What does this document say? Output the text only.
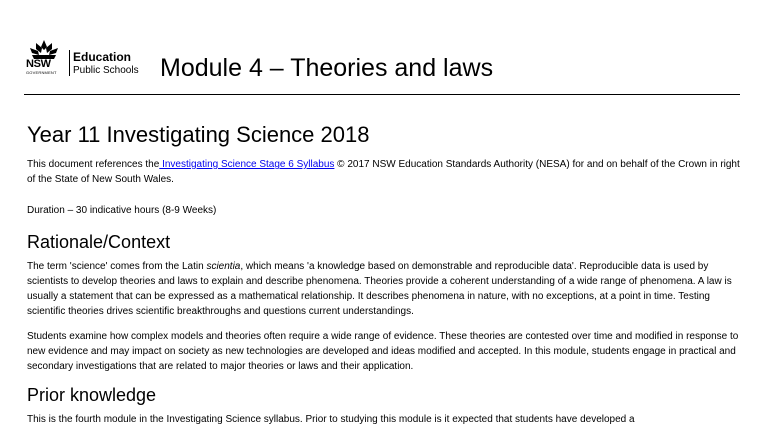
NSW
GOVERNMENT
Education
Public Schools Module 4 – Theories and laws
Year 11 Investigating Science 2018

This document references the Investigating Science Stage 6 Syllabus © 2017 NSW Education Standards Authority (NESA) for and on behalf of the Crown in right of the State of New South Wales.

Duration – 30 indicative hours (8-9 Weeks)

Rationale/Context

The term 'science' comes from the Latin scientia, which means 'a knowledge based on demonstrable and reproducible data'. Reproducible data is used by scientists to develop theories and laws to explain and describe phenomena. Theories provide a coherent understanding of a wide range of phenomena. A law is usually a statement that can be expressed as a mathematical relationship. It describes phenomena in nature, with no exceptions, at a point in time. Testing scientific theories drives scientific breakthroughs and questions current understandings.

Students examine how complex models and theories often require a wide range of evidence. These theories are contested over time and modified in response to new evidence and may impact on society as new technologies are developed and ideas modified and accepted. In this module, students engage in practical and secondary investigations that are related to major theories or laws and their application.

Prior knowledge

This is the fourth module in the Investigating Science syllabus. Prior to studying this module is it expected that students have developed a
